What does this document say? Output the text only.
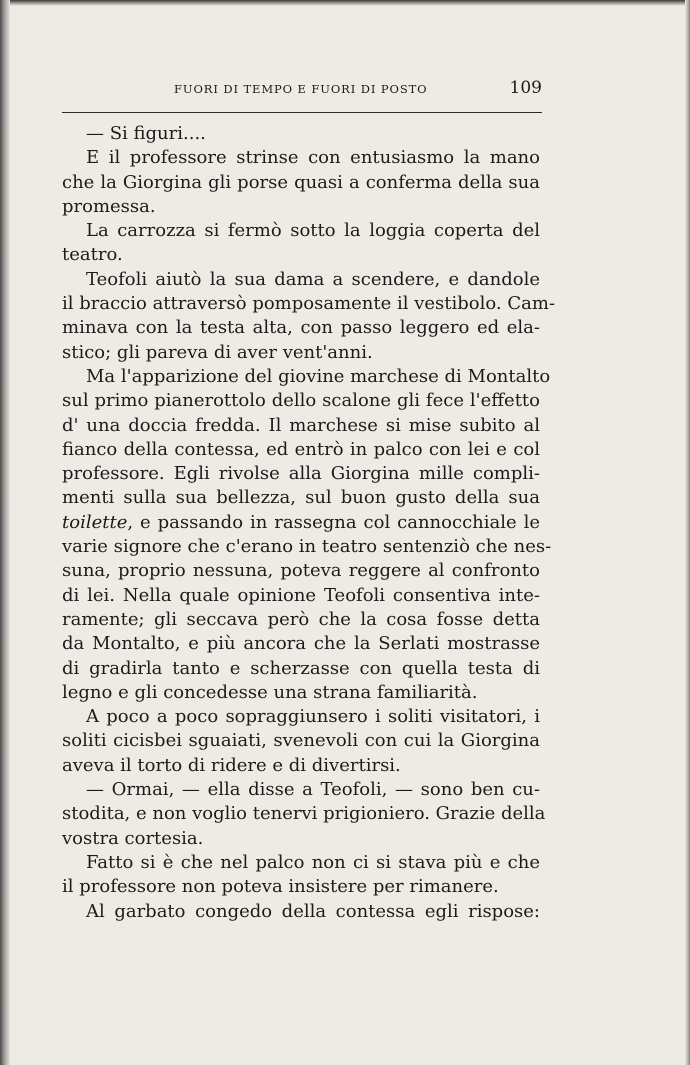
FUORI DI TEMPO E FUORI DI POSTO	109
— Si figuri....
E il professore strinse con entusiasmo la mano
che la Giorgina gli porse quasi a conferma della sua
promessa.
La carrozza si fermò sotto la loggia coperta del
teatro.
Teofoli aiutò la sua dama a scendere, e dandole
il braccio attraversò pomposamente il vestibolo. Cam-
minava con la testa alta, con passo leggero ed ela-
stico; gli pareva di aver vent'anni.
Ma l'apparizione del giovine marchese di Montalto
sul primo pianerottolo dello scalone gli fece l'effetto
d' una doccia fredda. Il marchese si mise subito al
fianco della contessa, ed entrò in palco con lei e col
professore. Egli rivolse alla Giorgina mille compli-
menti sulla sua bellezza, sul buon gusto della sua
toilette, e passando in rassegna col cannocchiale le
varie signore che c'erano in teatro sentenziò che nes-
suna, proprio nessuna, poteva reggere al confronto
di lei. Nella quale opinione Teofoli consentiva inte-
ramente; gli seccava però che la cosa fosse detta
da Montalto, e più ancora che la Serlati mostrasse
di gradirla tanto e scherzasse con quella testa di
legno e gli concedesse una strana familiarità.
A poco a poco sopraggiunsero i soliti visitatori, i
soliti cicisbei sguaiati, svenevoli con cui la Giorgina
aveva il torto di ridere e di divertirsi.
— Ormai, — ella disse a Teofoli, — sono ben cu-
stodita, e non voglio tenervi prigioniero. Grazie della
vostra cortesia.
Fatto si è che nel palco non ci si stava più e che
il professore non poteva insistere per rimanere.
Al garbato congedo della contessa egli rispose:
